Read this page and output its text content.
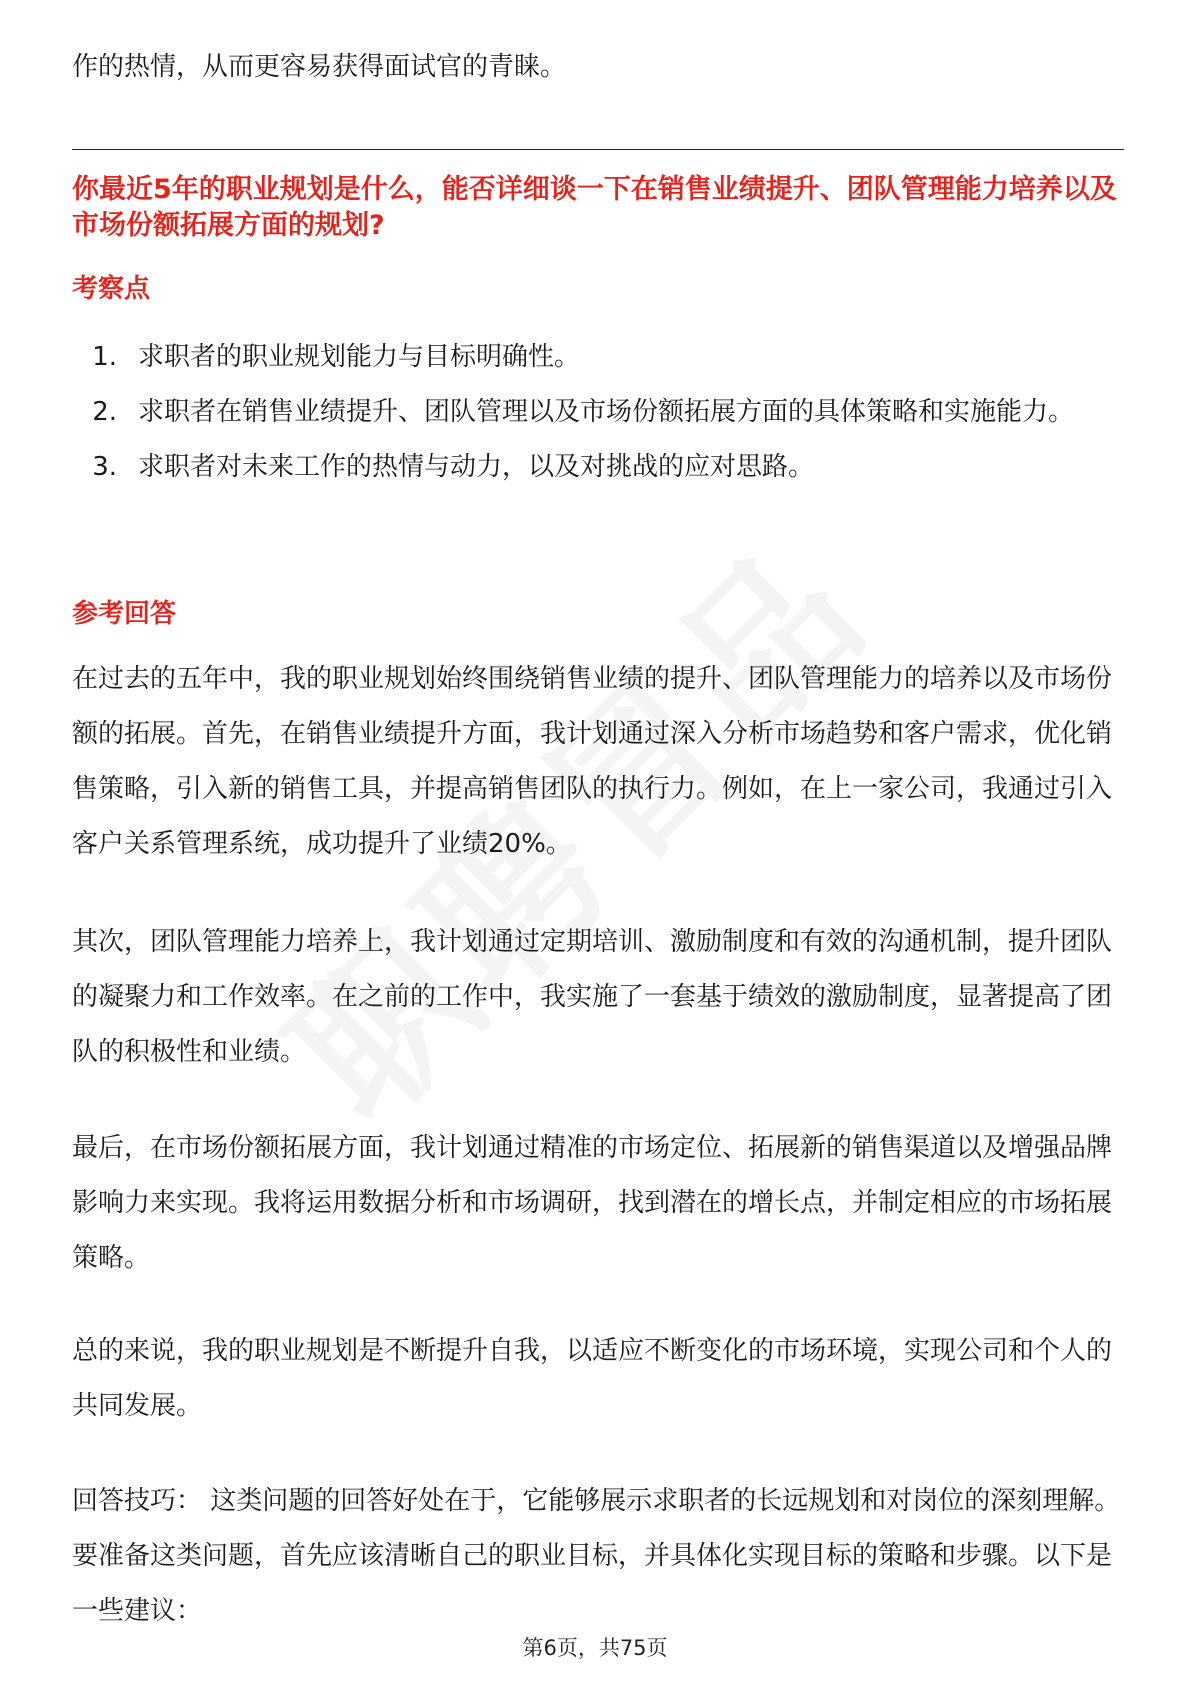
作的热情，从而更容易获得面试官的青睐。
你最近5年的职业规划是什么，能否详细谈一下在销售业绩提升、团队管理能力培养以及市场份额拓展方面的规划?
考察点
1. 求职者的职业规划能力与目标明确性。
2. 求职者在销售业绩提升、团队管理以及市场份额拓展方面的具体策略和实施能力。
3. 求职者对未来工作的热情与动力，以及对挑战的应对思路。
参考回答
在过去的五年中，我的职业规划始终围绕销售业绩的提升、团队管理能力的培养以及市场份额的拓展。首先，在销售业绩提升方面，我计划通过深入分析市场趋势和客户需求，优化销售策略，引入新的销售工具，并提高销售团队的执行力。例如，在上一家公司，我通过引入客户关系管理系统，成功提升了业绩20%。
其次，团队管理能力培养上，我计划通过定期培训、激励制度和有效的沟通机制，提升团队的凝聚力和工作效率。在之前的工作中，我实施了一套基于绩效的激励制度，显著提高了团队的积极性和业绩。
最后，在市场份额拓展方面，我计划通过精准的市场定位、拓展新的销售渠道以及增强品牌影响力来实现。我将运用数据分析和市场调研，找到潜在的增长点，并制定相应的市场拓展策略。
总的来说，我的职业规划是不断提升自我，以适应不断变化的市场环境，实现公司和个人的共同发展。
回答技巧： 这类问题的回答好处在于，它能够展示求职者的长远规划和对岗位的深刻理解。要准备这类问题，首先应该清晰自己的职业目标，并具体化实现目标的策略和步骤。以下是一些建议：
第6页，共75页
